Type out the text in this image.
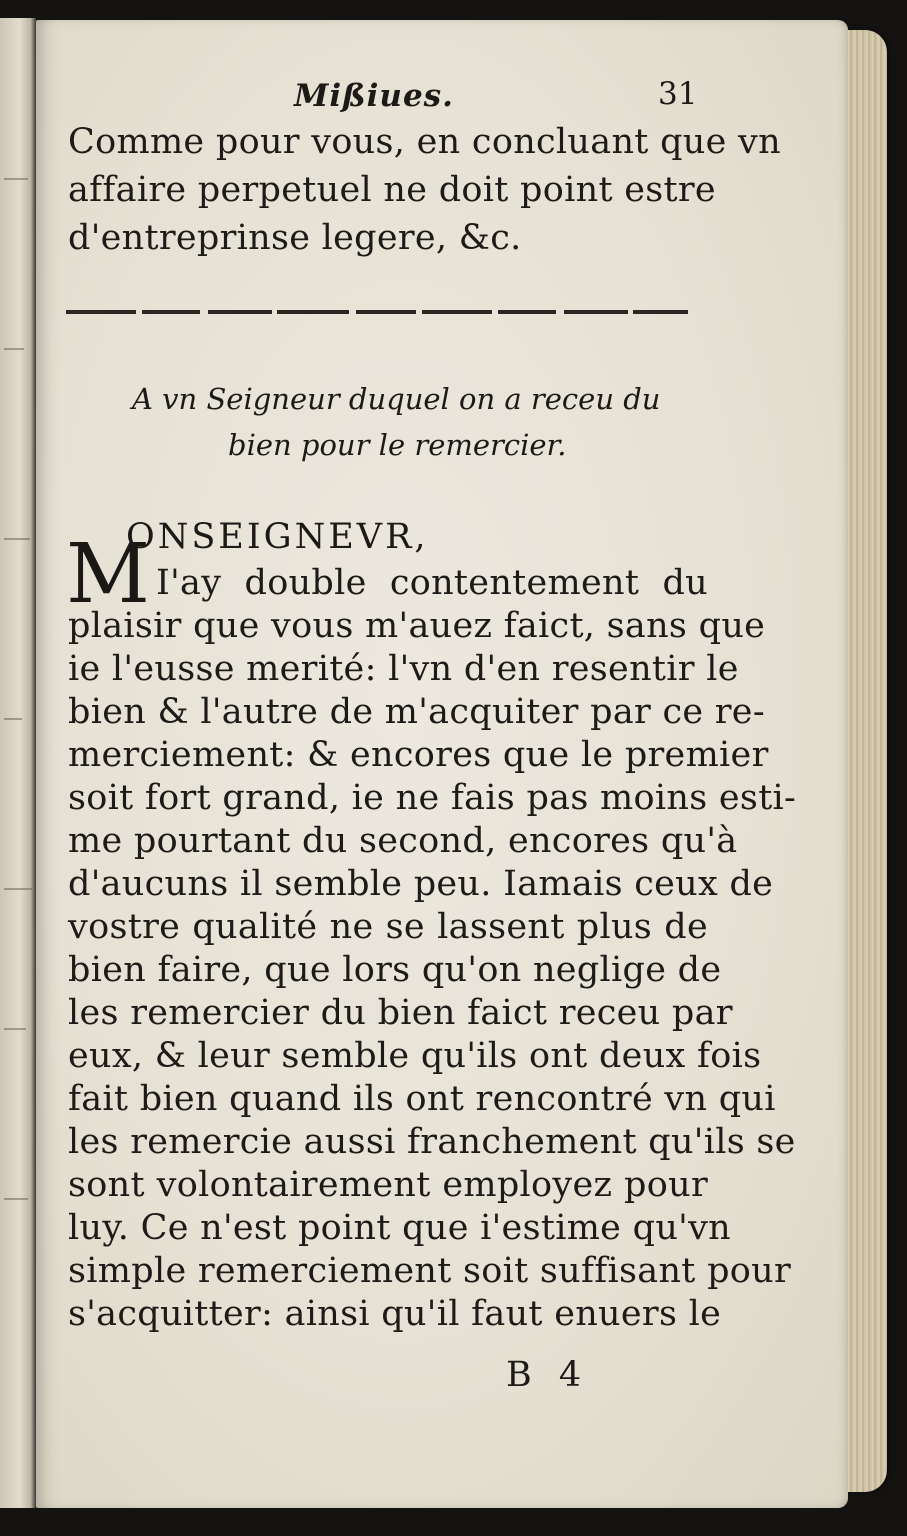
Mißiues.	31
Comme pour vous, en concluant que vn
affaire perpetuel ne doit point estre
d'entreprinse legere, &c.
A vn Seigneur duquel on a receu du
bien pour le remercier.
M
ONSEIGNEVR,
I'ay double contentement du
plaisir que vous m'auez faict, sans que
ie l'eusse merité: l'vn d'en resentir le
bien & l'autre de m'acquiter par ce re-
merciement: & encores que le premier
soit fort grand, ie ne fais pas moins esti-
me pourtant du second, encores qu'à
d'aucuns il semble peu. Iamais ceux de
vostre qualité ne se lassent plus de
bien faire, que lors qu'on neglige de
les remercier du bien faict receu par
eux, & leur semble qu'ils ont deux fois
fait bien quand ils ont rencontré vn qui
les remercie aussi franchement qu'ils se
sont volontairement employez pour
luy. Ce n'est point que i'estime qu'vn
simple remerciement soit suffisant pour
s'acquitter: ainsi qu'il faut enuers le
B 4
